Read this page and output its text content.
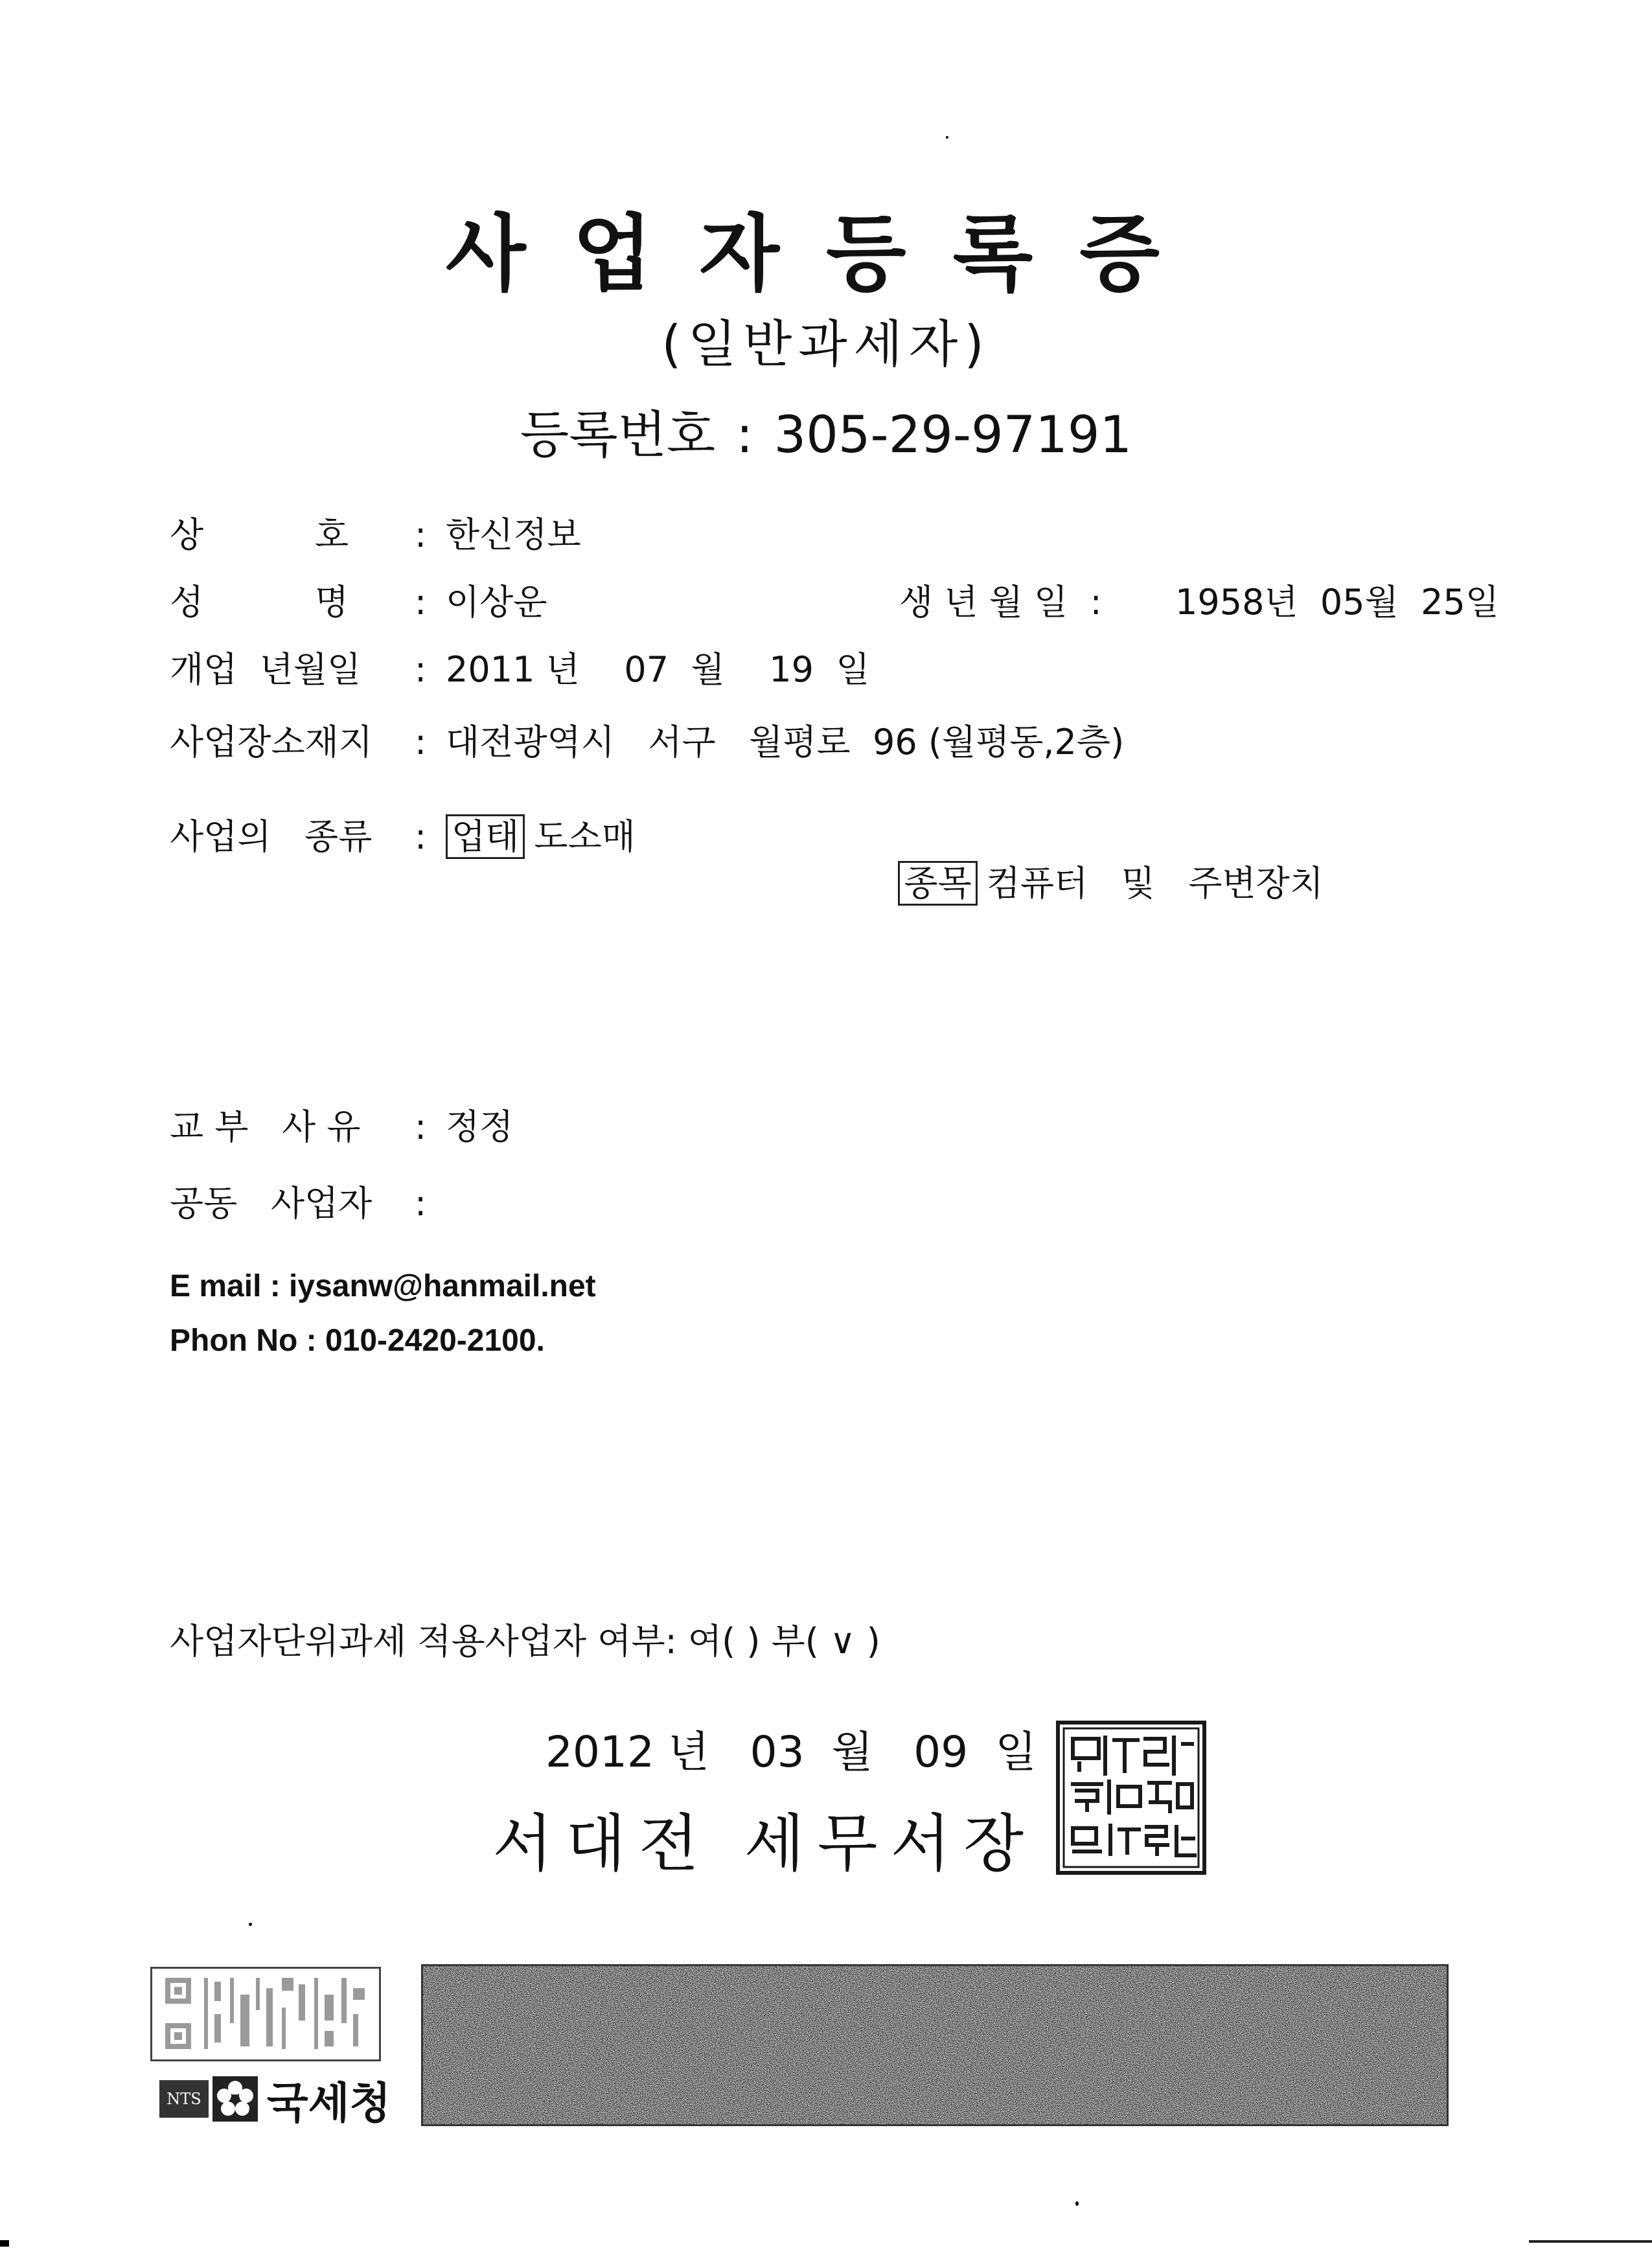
사업자등록증
(일반과세자)
등록번호 : 305-29-97191
상          호 : 한신정보
성          명 : 이상운	생 년 월 일  : 1958년  05월  25일
개업  년월일 : 2011 년    07  월    19  일
사업장소재지 : 대전광역시   서구   월평로  96 (월평동,2층)
사업의   종류 : 업태 도소매

종목 컴퓨터   및   주변장치

교 부   사 유 : 정정
공동   사업자 :
E mail : iysanw@hanmail.net
Phon No : 010-2420-2100.
사업자단위과세 적용사업자 여부: 여( ) 부( ∨ )
2012 년   03  월   09  일
서대전 세무서장
NTS 국세청
